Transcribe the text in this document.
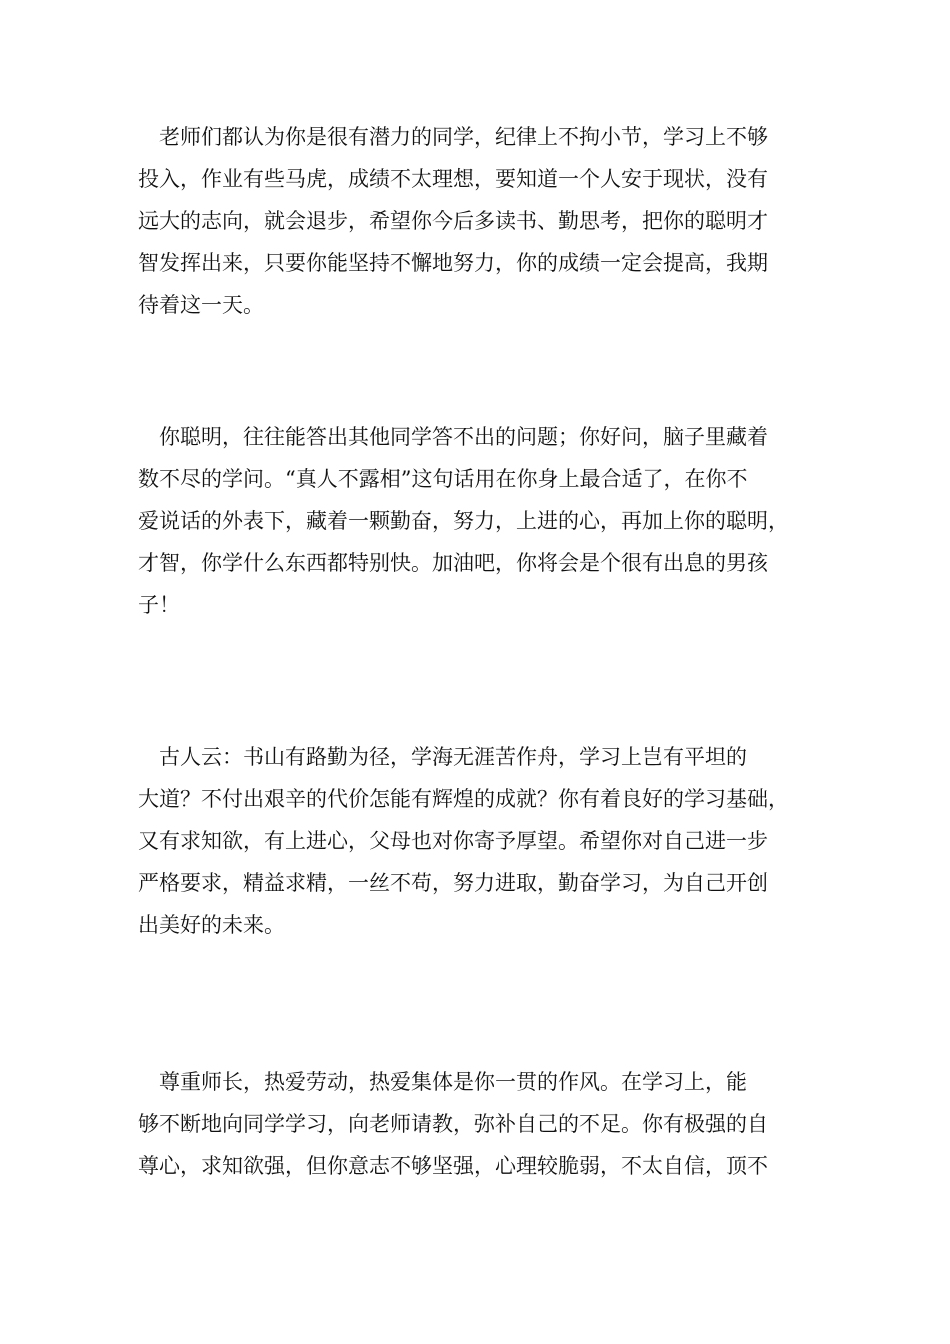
　老师们都认为你是很有潜力的同学，纪律上不拘小节，学习上不够
投入，作业有些马虎，成绩不太理想，要知道一个人安于现状，没有
远大的志向，就会退步，希望你今后多读书、勤思考，把你的聪明才
智发挥出来，只要你能坚持不懈地努力，你的成绩一定会提高，我期
待着这一天。
　你聪明，往往能答出其他同学答不出的问题；你好问，脑子里藏着
数不尽的学问。“真人不露相”这句话用在你身上最合适了，在你不
爱说话的外表下，藏着一颗勤奋，努力，上进的心，再加上你的聪明，
才智，你学什么东西都特别快。加油吧，你将会是个很有出息的男孩
子！
　古人云：书山有路勤为径，学海无涯苦作舟，学习上岂有平坦的
大道？不付出艰辛的代价怎能有辉煌的成就？你有着良好的学习基础，
又有求知欲，有上进心，父母也对你寄予厚望。希望你对自己进一步
严格要求，精益求精，一丝不苟，努力进取，勤奋学习，为自己开创
出美好的未来。
　尊重师长，热爱劳动，热爱集体是你一贯的作风。在学习上，能
够不断地向同学学习，向老师请教，弥补自己的不足。你有极强的自
尊心，求知欲强，但你意志不够坚强，心理较脆弱，不太自信，顶不
